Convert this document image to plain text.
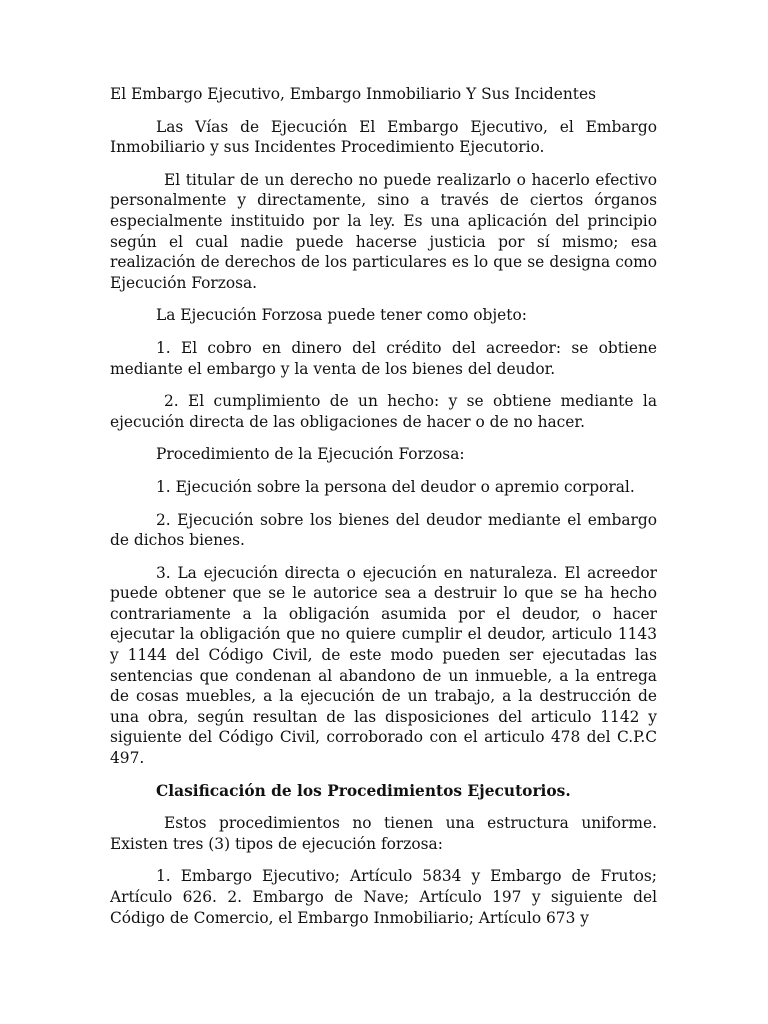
El Embargo Ejecutivo, Embargo Inmobiliario Y Sus Incidentes

Las Vías de Ejecución El Embargo Ejecutivo, el Embargo Inmobiliario y sus Incidentes Procedimiento Ejecutorio.

El titular de un derecho no puede realizarlo o hacerlo efectivo personalmente y directamente, sino a través de ciertos órganos especialmente instituido por la ley. Es una aplicación del principio según el cual nadie puede hacerse justicia por sí mismo; esa realización de derechos de los particulares es lo que se designa como Ejecución Forzosa.

La Ejecución Forzosa puede tener como objeto:

1. El cobro en dinero del crédito del acreedor: se obtiene mediante el embargo y la venta de los bienes del deudor.

2. El cumplimiento de un hecho: y se obtiene mediante la ejecución directa de las obligaciones de hacer o de no hacer.

Procedimiento de la Ejecución Forzosa:

1. Ejecución sobre la persona del deudor o apremio corporal.

2. Ejecución sobre los bienes del deudor mediante el embargo de dichos bienes.

3. La ejecución directa o ejecución en naturaleza. El acreedor puede obtener que se le autorice sea a destruir lo que se ha hecho contrariamente a la obligación asumida por el deudor, o hacer ejecutar la obligación que no quiere cumplir el deudor, articulo 1143 y 1144 del Código Civil, de este modo pueden ser ejecutadas las sentencias que condenan al abandono de un inmueble, a la entrega de cosas muebles, a la ejecución de un trabajo, a la destrucción de una obra, según resultan de las disposiciones del articulo 1142 y siguiente del Código Civil, corroborado con el articulo 478 del C.P.C 497.

Clasificación de los Procedimientos Ejecutorios.

Estos procedimientos no tienen una estructura uniforme. Existen tres (3) tipos de ejecución forzosa:

1. Embargo Ejecutivo; Artículo 5834 y Embargo de Frutos; Artículo 626. 2. Embargo de Nave; Artículo 197 y siguiente del Código de Comercio, el Embargo Inmobiliario; Artículo 673 y
